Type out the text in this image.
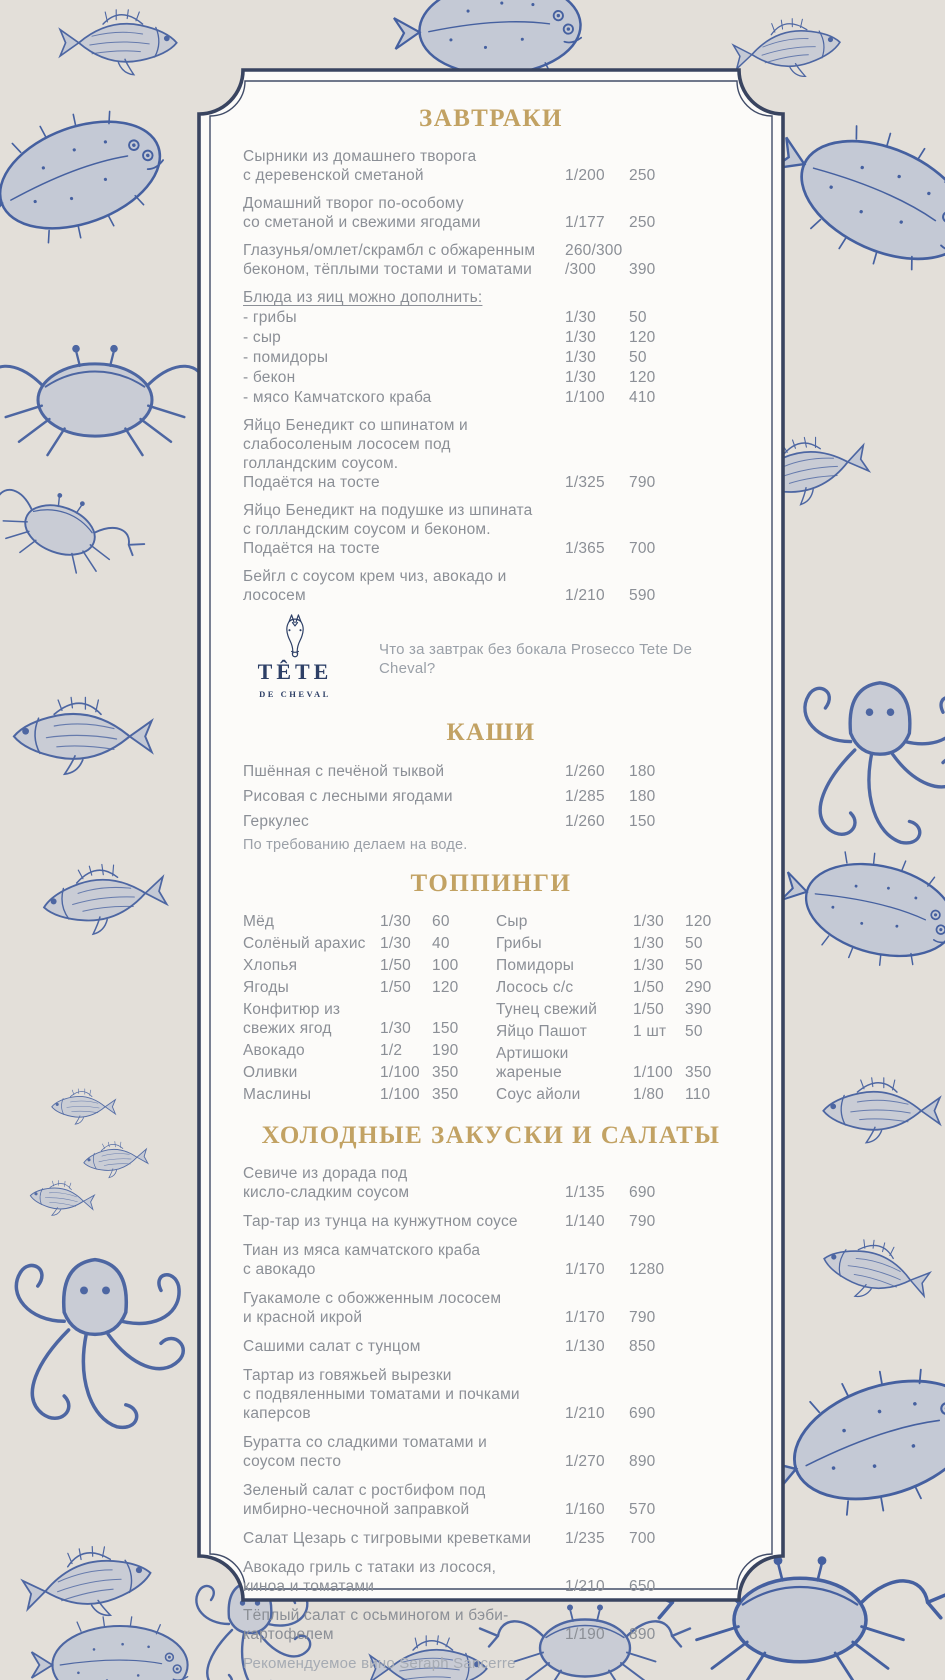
ЗАВТРАКИ
Сырники из домашнего творога
с деревенской сметаной	1/200	250
Домашний творог по-особому
со сметаной и свежими ягодами	1/177	250
Глазунья/омлет/скрамбл с обжаренным
беконом, тёплыми тостами и томатами
260/300
/300	390
Блюда из яиц можно дополнить:
- грибы	1/30	50
- сыр	1/30	120
- помидоры	1/30	50
- бекон	1/30	120
- мясо Камчатского краба	1/100	410
Яйцо Бенедикт со шпинатом и
слабосоленым лососем под
голландским соусом.
Подаётся на тосте	1/325	790
Яйцо Бенедикт на подушке из шпината
с голландским соусом и беконом.
Подаётся на тосте	1/365	700
Бейгл с соусом крем чиз, авокадо и
лососем	1/210	590
TÊTE
DE CHEVAL
Что за завтрак без бокала Prosecco Tete De Cheval?
КАШИ
Пшённая с печёной тыквой	1/260	180
Рисовая с лесными ягодами	1/285	180
Геркулес	1/260	150
По требованию делаем на воде.
ТОППИНГИ
Мёд	1/30	60
Солёный арахис 1/30	40
Хлопья	1/50	100
Ягоды	1/50	120
Конфитюр из
свежих ягод	1/30	150
Авокадо	1/2	190
Оливки	1/100 350
Маслины	1/100 350
Сыр	1/30	120
Грибы	1/30	50
Помидоры	1/30	50
Лосось с/с	1/50	290
Тунец свежий	1/50	390
Яйцо Пашот	1 шт	50
Артишоки
жареные	1/100 350
Соус айоли	1/80	110
ХОЛОДНЫЕ ЗАКУСКИ И САЛАТЫ
Севиче из дорада под
кисло-сладким соусом	1/135	690
Тар-тар из тунца на кунжутном соусе	1/140	790
Тиан из мяса камчатского краба
с авокадо	1/170	1280
Гуакамоле с обожженным лососем
и красной икрой	1/170	790
Сашими салат с тунцом	1/130	850
Тартар из говяжьей вырезки
с подвяленными томатами и почками
каперсов	1/210	690
Буратта со сладкими томатами и
соусом песто	1/270	890
Зеленый салат с ростбифом под
имбирно-чесночной заправкой	1/160	570
Салат Цезарь с тигровыми креветками	1/235	700
Авокадо гриль с татаки из лосося,
киноа и томатами	1/210	650
Тёплый салат с осьминогом и бэби-
картофелем	1/190	890
Рекомендуемое вино Seraph Sancerre
